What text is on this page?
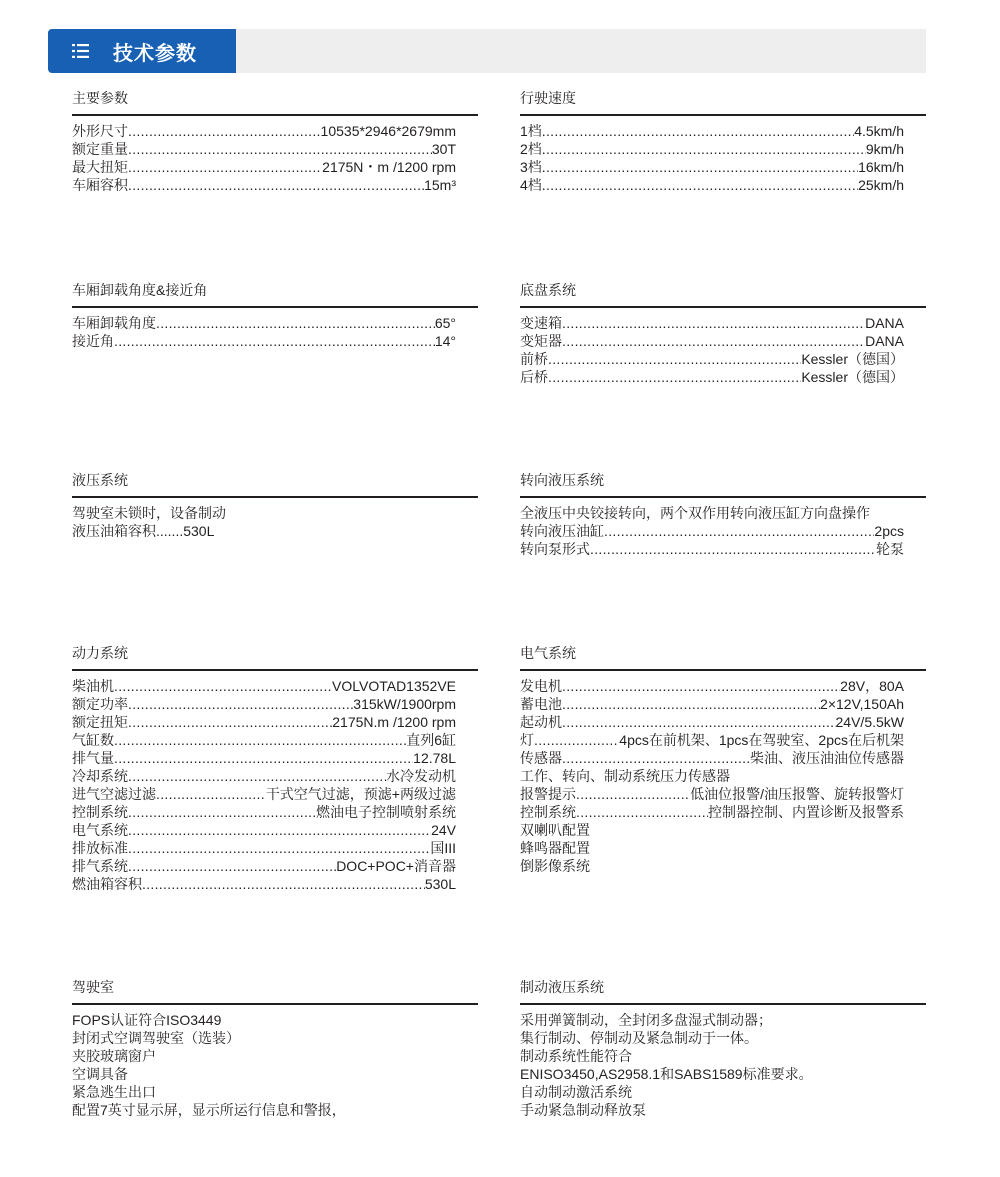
技术参数
主要参数
外形尺寸 .....	10535*2946*2679mm
额定重量 .....	30T
最大扭矩 .....	2175N・m /1200 rpm
车厢容积 .....	15m³
行驶速度
1档 .....	4.5km/h
2档 .....	9km/h
3档 .....	16km/h
4档 .....	25km/h
车厢卸载角度&接近角
车厢卸载角度 .....	65°
接近角 .....	14°
底盘系统
变速箱 .....	DANA
变矩器 .....	DANA
前桥 .....	Kessler（德国）
后桥 .....	Kessler（德国）
液压系统
驾驶室未锁时，设备制动
液压油箱容积.......530L
转向液压系统
全液压中央铰接转向，两个双作用转向液压缸方向盘操作
转向液压油缸 .....	2pcs
转向泵形式 .....	轮泵
动力系统
柴油机 .....	VOLVOTAD1352VE
额定功率 .....	315kW/1900rpm
额定扭矩 .....	2175N.m /1200 rpm
气缸数 .....	直列6缸
排气量 .....	12.78L
冷却系统 .....	水冷发动机
进气空滤过滤 .....	干式空气过滤，预滤+两级过滤
控制系统 .....	燃油电子控制喷射系统
电气系统 .....	24V
排放标准 .....	国III
排气系统 .....	DOC+POC+消音器
燃油箱容积 .....	530L
电气系统
发电机 .....	28V，80A
蓄电池 .....	2×12V,150Ah
起动机 .....	24V/5.5kW
灯 .....	4pcs在前机架、1pcs在驾驶室、2pcs在后机架
传感器 .....	柴油、液压油油位传感器
工作、转向、制动系统压力传感器
报警提示 .....	低油位报警/油压报警、旋转报警灯
控制系统 .....	控制器控制、内置诊断及报警系
双喇叭配置
蜂鸣器配置
倒影像系统
驾驶室
FOPS认证符合ISO3449
封闭式空调驾驶室（选装）
夹胶玻璃窗户
空调具备
紧急逃生出口
配置7英寸显示屏，显示所运行信息和警报，
制动液压系统
采用弹簧制动，全封闭多盘湿式制动器；
集行制动、停制动及紧急制动于一体。
制动系统性能符合
ENISO3450,AS2958.1和SABS1589标准要求。
自动制动激活系统
手动紧急制动释放泵
